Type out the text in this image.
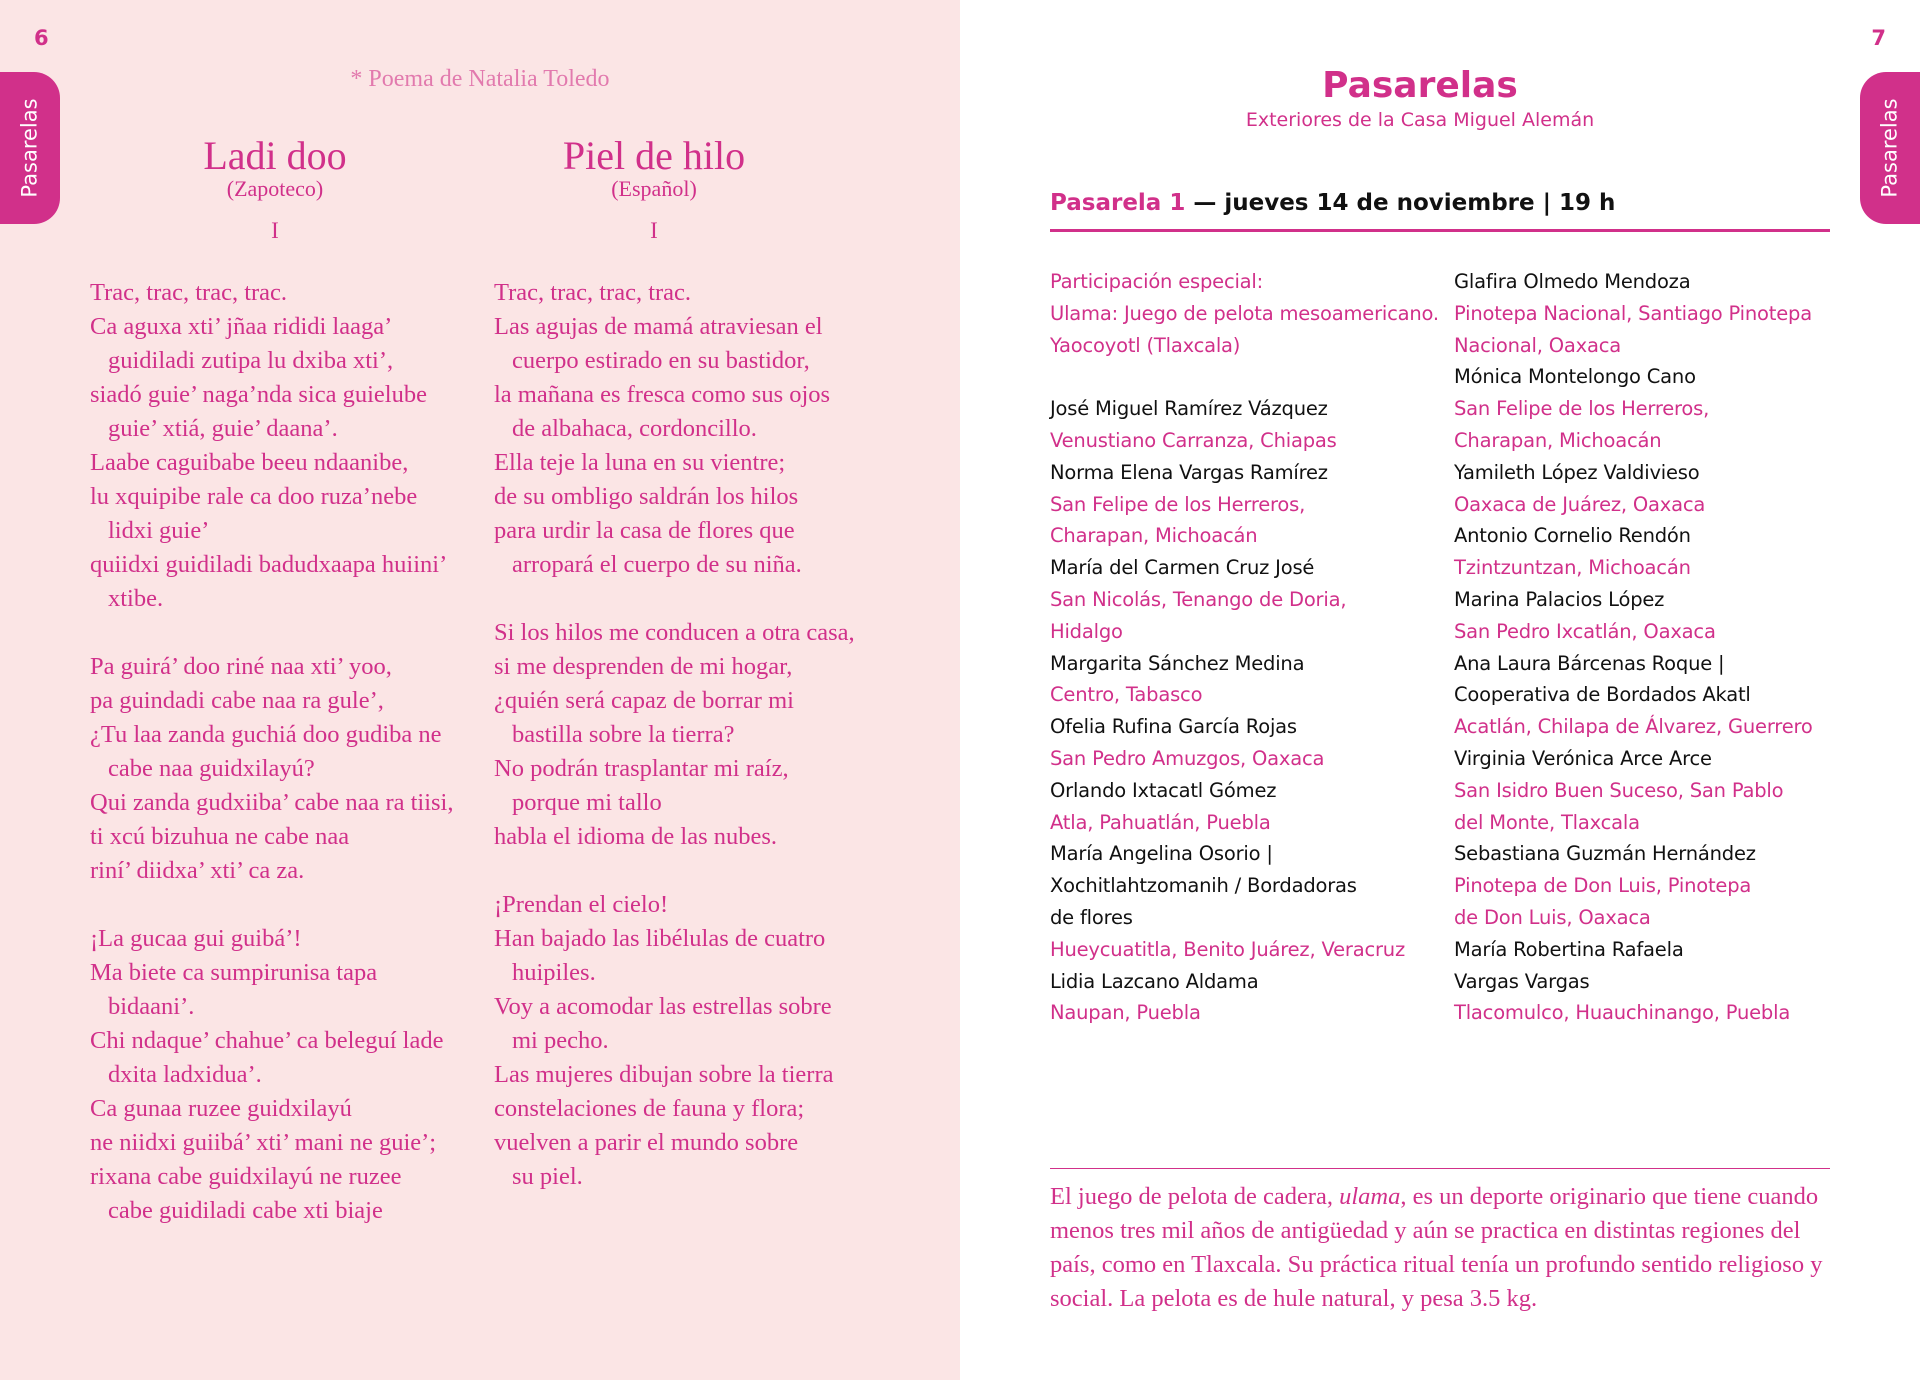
6
Pasarelas
* Poema de Natalia Toledo
Ladi doo
(Zapoteco)
I
Trac, trac, trac, trac.
Ca aguxa xti’ jñaa rididi laaga’
guidiladi zutipa lu dxiba xti’,
siadó guie’ naga’nda sica guielube
guie’ xtiá, guie’ daana’.
Laabe caguibabe beeu ndaanibe,
lu xquipibe rale ca doo ruza’nebe
lidxi guie’
quiidxi guidiladi badudxaapa huiini’
xtibe.
Pa guirá’ doo riné naa xti’ yoo,
pa guindadi cabe naa ra gule’,
¿Tu laa zanda guchiá doo gudiba ne
cabe naa guidxilayú?
Qui zanda gudxiiba’ cabe naa ra tiisi,
ti xcú bizuhua ne cabe naa
riní’ diidxa’ xti’ ca za.
¡La gucaa gui guibá’!
Ma biete ca sumpirunisa tapa
bidaani’.
Chi ndaque’ chahue’ ca beleguí lade
dxita ladxidua’.
Ca gunaa ruzee guidxilayú
ne niidxi guiibá’ xti’ mani ne guie’;
rixana cabe guidxilayú ne ruzee
cabe guidiladi cabe xti biaje
Piel de hilo
(Español)
I
Trac, trac, trac, trac.
Las agujas de mamá atraviesan el
cuerpo estirado en su bastidor,
la mañana es fresca como sus ojos
de albahaca, cordoncillo.
Ella teje la luna en su vientre;
de su ombligo saldrán los hilos
para urdir la casa de flores que
arropará el cuerpo de su niña.
Si los hilos me conducen a otra casa,
si me desprenden de mi hogar,
¿quién será capaz de borrar mi
bastilla sobre la tierra?
No podrán trasplantar mi raíz,
porque mi tallo
habla el idioma de las nubes.
¡Prendan el cielo!
Han bajado las libélulas de cuatro
huipiles.
Voy a acomodar las estrellas sobre
mi pecho.
Las mujeres dibujan sobre la tierra
constelaciones de fauna y flora;
vuelven a parir el mundo sobre
su piel.
7
Pasarelas
Pasarelas
Exteriores de la Casa Miguel Alemán
Pasarela 1 — jueves 14 de noviembre | 19 h
Participación especial:
Ulama: Juego de pelota mesoamericano.
Yaocoyotl (Tlaxcala)
José Miguel Ramírez Vázquez
Venustiano Carranza, Chiapas
Norma Elena Vargas Ramírez
San Felipe de los Herreros,
Charapan, Michoacán
María del Carmen Cruz José
San Nicolás, Tenango de Doria,
Hidalgo
Margarita Sánchez Medina
Centro, Tabasco
Ofelia Rufina García Rojas
San Pedro Amuzgos, Oaxaca
Orlando Ixtacatl Gómez
Atla, Pahuatlán, Puebla
María Angelina Osorio |
Xochitlahtzomanih / Bordadoras
de flores
Hueycuatitla, Benito Juárez, Veracruz
Lidia Lazcano Aldama
Naupan, Puebla
Glafira Olmedo Mendoza
Pinotepa Nacional, Santiago Pinotepa
Nacional, Oaxaca
Mónica Montelongo Cano
San Felipe de los Herreros,
Charapan, Michoacán
Yamileth López Valdivieso
Oaxaca de Juárez, Oaxaca
Antonio Cornelio Rendón
Tzintzuntzan, Michoacán
Marina Palacios López
San Pedro Ixcatlán, Oaxaca
Ana Laura Bárcenas Roque |
Cooperativa de Bordados Akatl
Acatlán, Chilapa de Álvarez, Guerrero
Virginia Verónica Arce Arce
San Isidro Buen Suceso, San Pablo
del Monte, Tlaxcala
Sebastiana Guzmán Hernández
Pinotepa de Don Luis, Pinotepa
de Don Luis, Oaxaca
María Robertina Rafaela
Vargas Vargas
Tlacomulco, Huauchinango, Puebla
El juego de pelota de cadera, ulama, es un deporte originario que tiene cuando menos tres mil años de antigüedad y aún se practica en distintas regiones del país, como en Tlaxcala. Su práctica ritual tenía un profundo sentido religioso y social. La pelota es de hule natural, y pesa 3.5 kg.
